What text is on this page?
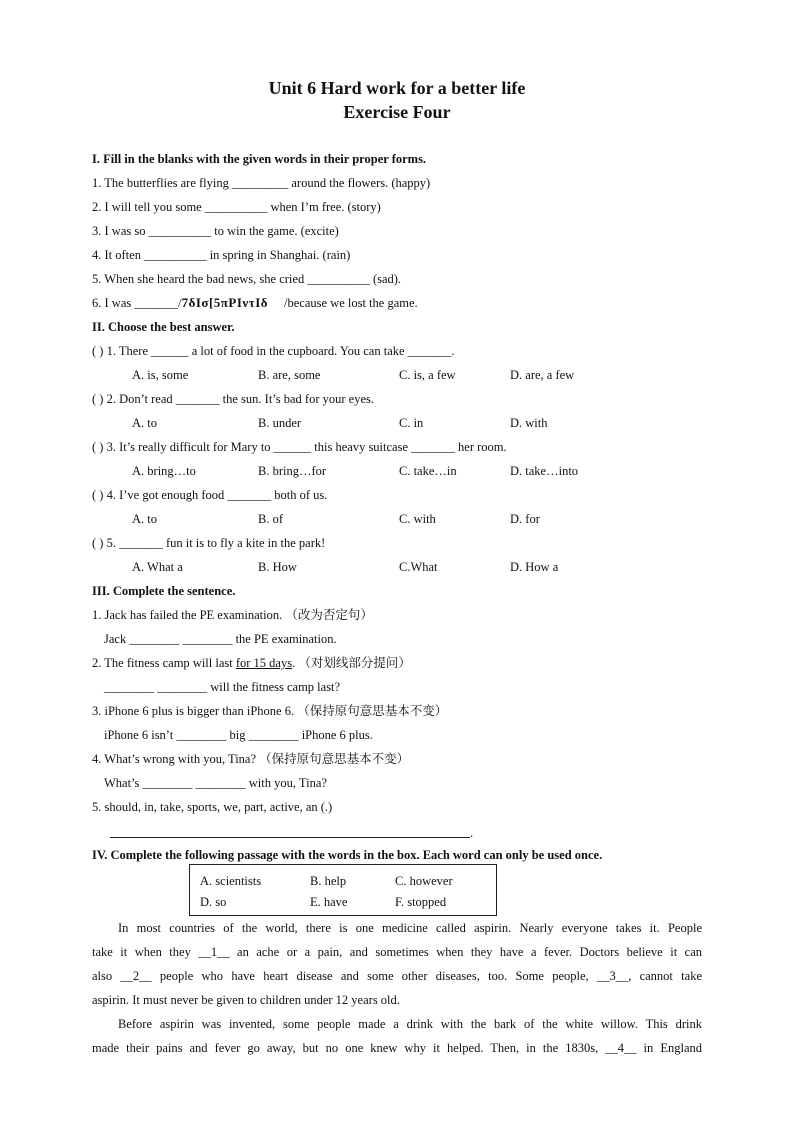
Unit 6 Hard work for a better life
Exercise Four
I. Fill in the blanks with the given words in their proper forms.
1. The butterflies are flying _________ around the flowers. (happy)
2. I will tell you some __________ when I’m free. (story)
3. I was so __________ to win the game. (excite)
4. It often __________ in spring in Shanghai. (rain)
5. When she heard the bad news, she cried __________ (sad).
6. I was _______/7δIσ[5πPIντIδ /because we lost the game.
II. Choose the best answer.
( ) 1. There ______ a lot of food in the cupboard. You can take _______.
A. is, some	B. are, some	C. is, a few	D. are, a few
( ) 2. Don’t read _______ the sun. It’s bad for your eyes.
A. to	B. under	C. in	D. with
( ) 3. It’s really difficult for Mary to ______ this heavy suitcase _______ her room.
A. bring…to	B. bring…for	C. take…in	D. take…into
( ) 4. I’ve got enough food _______ both of us.
A. to	B. of	C. with	D. for
( ) 5. _______ fun it is to fly a kite in the park!
A. What a	B. How	C.What	D. How a
III. Complete the sentence.
1. Jack has failed the PE examination. （改为否定句）
Jack ________ ________ the PE examination.
2. The fitness camp will last for 15 days. （对划线部分提问）
________ ________ will the fitness camp last?
3. iPhone 6 plus is bigger than iPhone 6. （保持原句意思基本不变）
iPhone 6 isn’t ________ big ________ iPhone 6 plus.
4. What’s wrong with you, Tina? （保持原句意思基本不变）
What’s ________ ________ with you, Tina?
5. should, in, take, sports, we, part, active, an (.)
.
IV. Complete the following passage with the words in the box. Each word can only be used once.
A. scientists	B. help	C. however
D. so	E. have	F. stopped
In most countries of the world, there is one medicine called aspirin. Nearly everyone takes it. People
take it when they __1__ an ache or a pain, and sometimes when they have a fever. Doctors believe it can
also __2__ people who have heart disease and some other diseases, too. Some people, __3__, cannot take
aspirin. It must never be given to children under 12 years old.
Before aspirin was invented, some people made a drink with the bark of the white willow. This drink
made their pains and fever go away, but no one knew why it helped. Then, in the 1830s, __4__ in England
